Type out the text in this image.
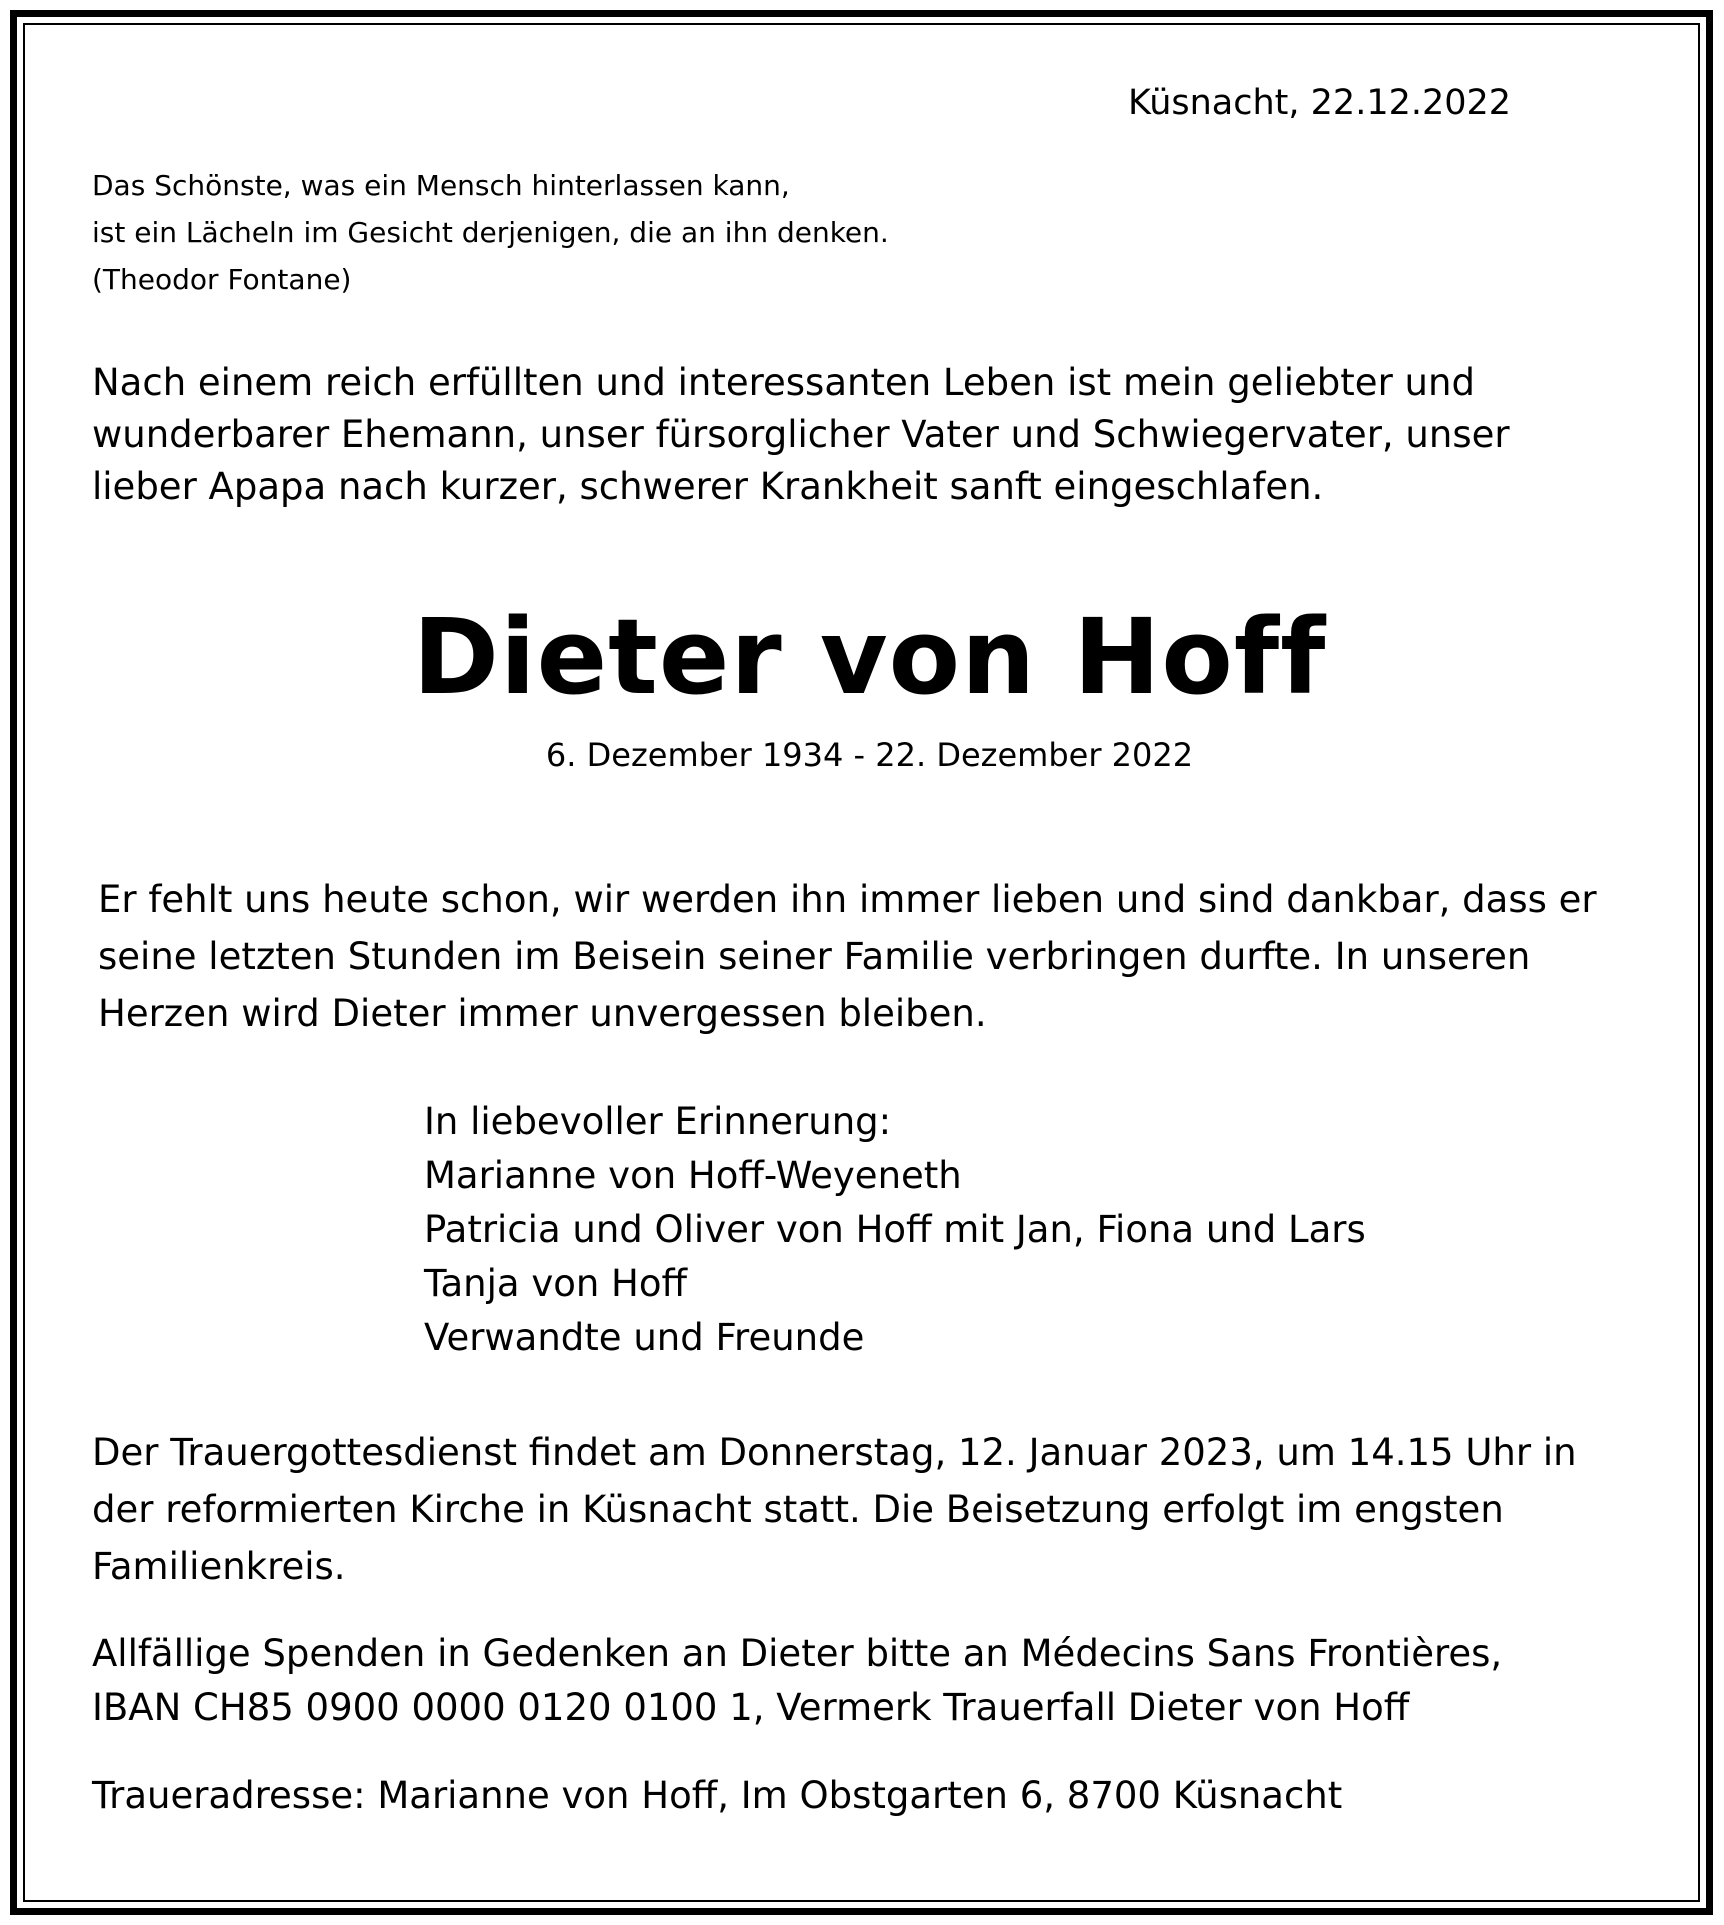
Küsnacht, 22.12.2022

Das Schönste, was ein Mensch hinterlassen kann,
ist ein Lächeln im Gesicht derjenigen, die an ihn denken.
(Theodor Fontane)
Nach einem reich erfüllten und interessanten Leben ist mein geliebter und
wunderbarer Ehemann, unser fürsorglicher Vater und Schwiegervater, unser
lieber Apapa nach kurzer, schwerer Krankheit sanft eingeschlafen.
Dieter von Hoff

6. Dezember 1934 - 22. Dezember 2022

Er fehlt uns heute schon, wir werden ihn immer lieben und sind dankbar, dass er
seine letzten Stunden im Beisein seiner Familie verbringen durfte. In unseren
Herzen wird Dieter immer unvergessen bleiben.
In liebevoller Erinnerung:
Marianne von Hoff-Weyeneth
Patricia und Oliver von Hoff mit Jan, Fiona und Lars
Tanja von Hoff
Verwandte und Freunde
Der Trauergottesdienst findet am Donnerstag, 12. Januar 2023, um 14.15 Uhr in
der reformierten Kirche in Küsnacht statt. Die Beisetzung erfolgt im engsten
Familienkreis.
Allfällige Spenden in Gedenken an Dieter bitte an Médecins Sans Frontières,
IBAN CH85 0900 0000 0120 0100 1, Vermerk Trauerfall Dieter von Hoff

Traueradresse: Marianne von Hoff, Im Obstgarten 6, 8700 Küsnacht
